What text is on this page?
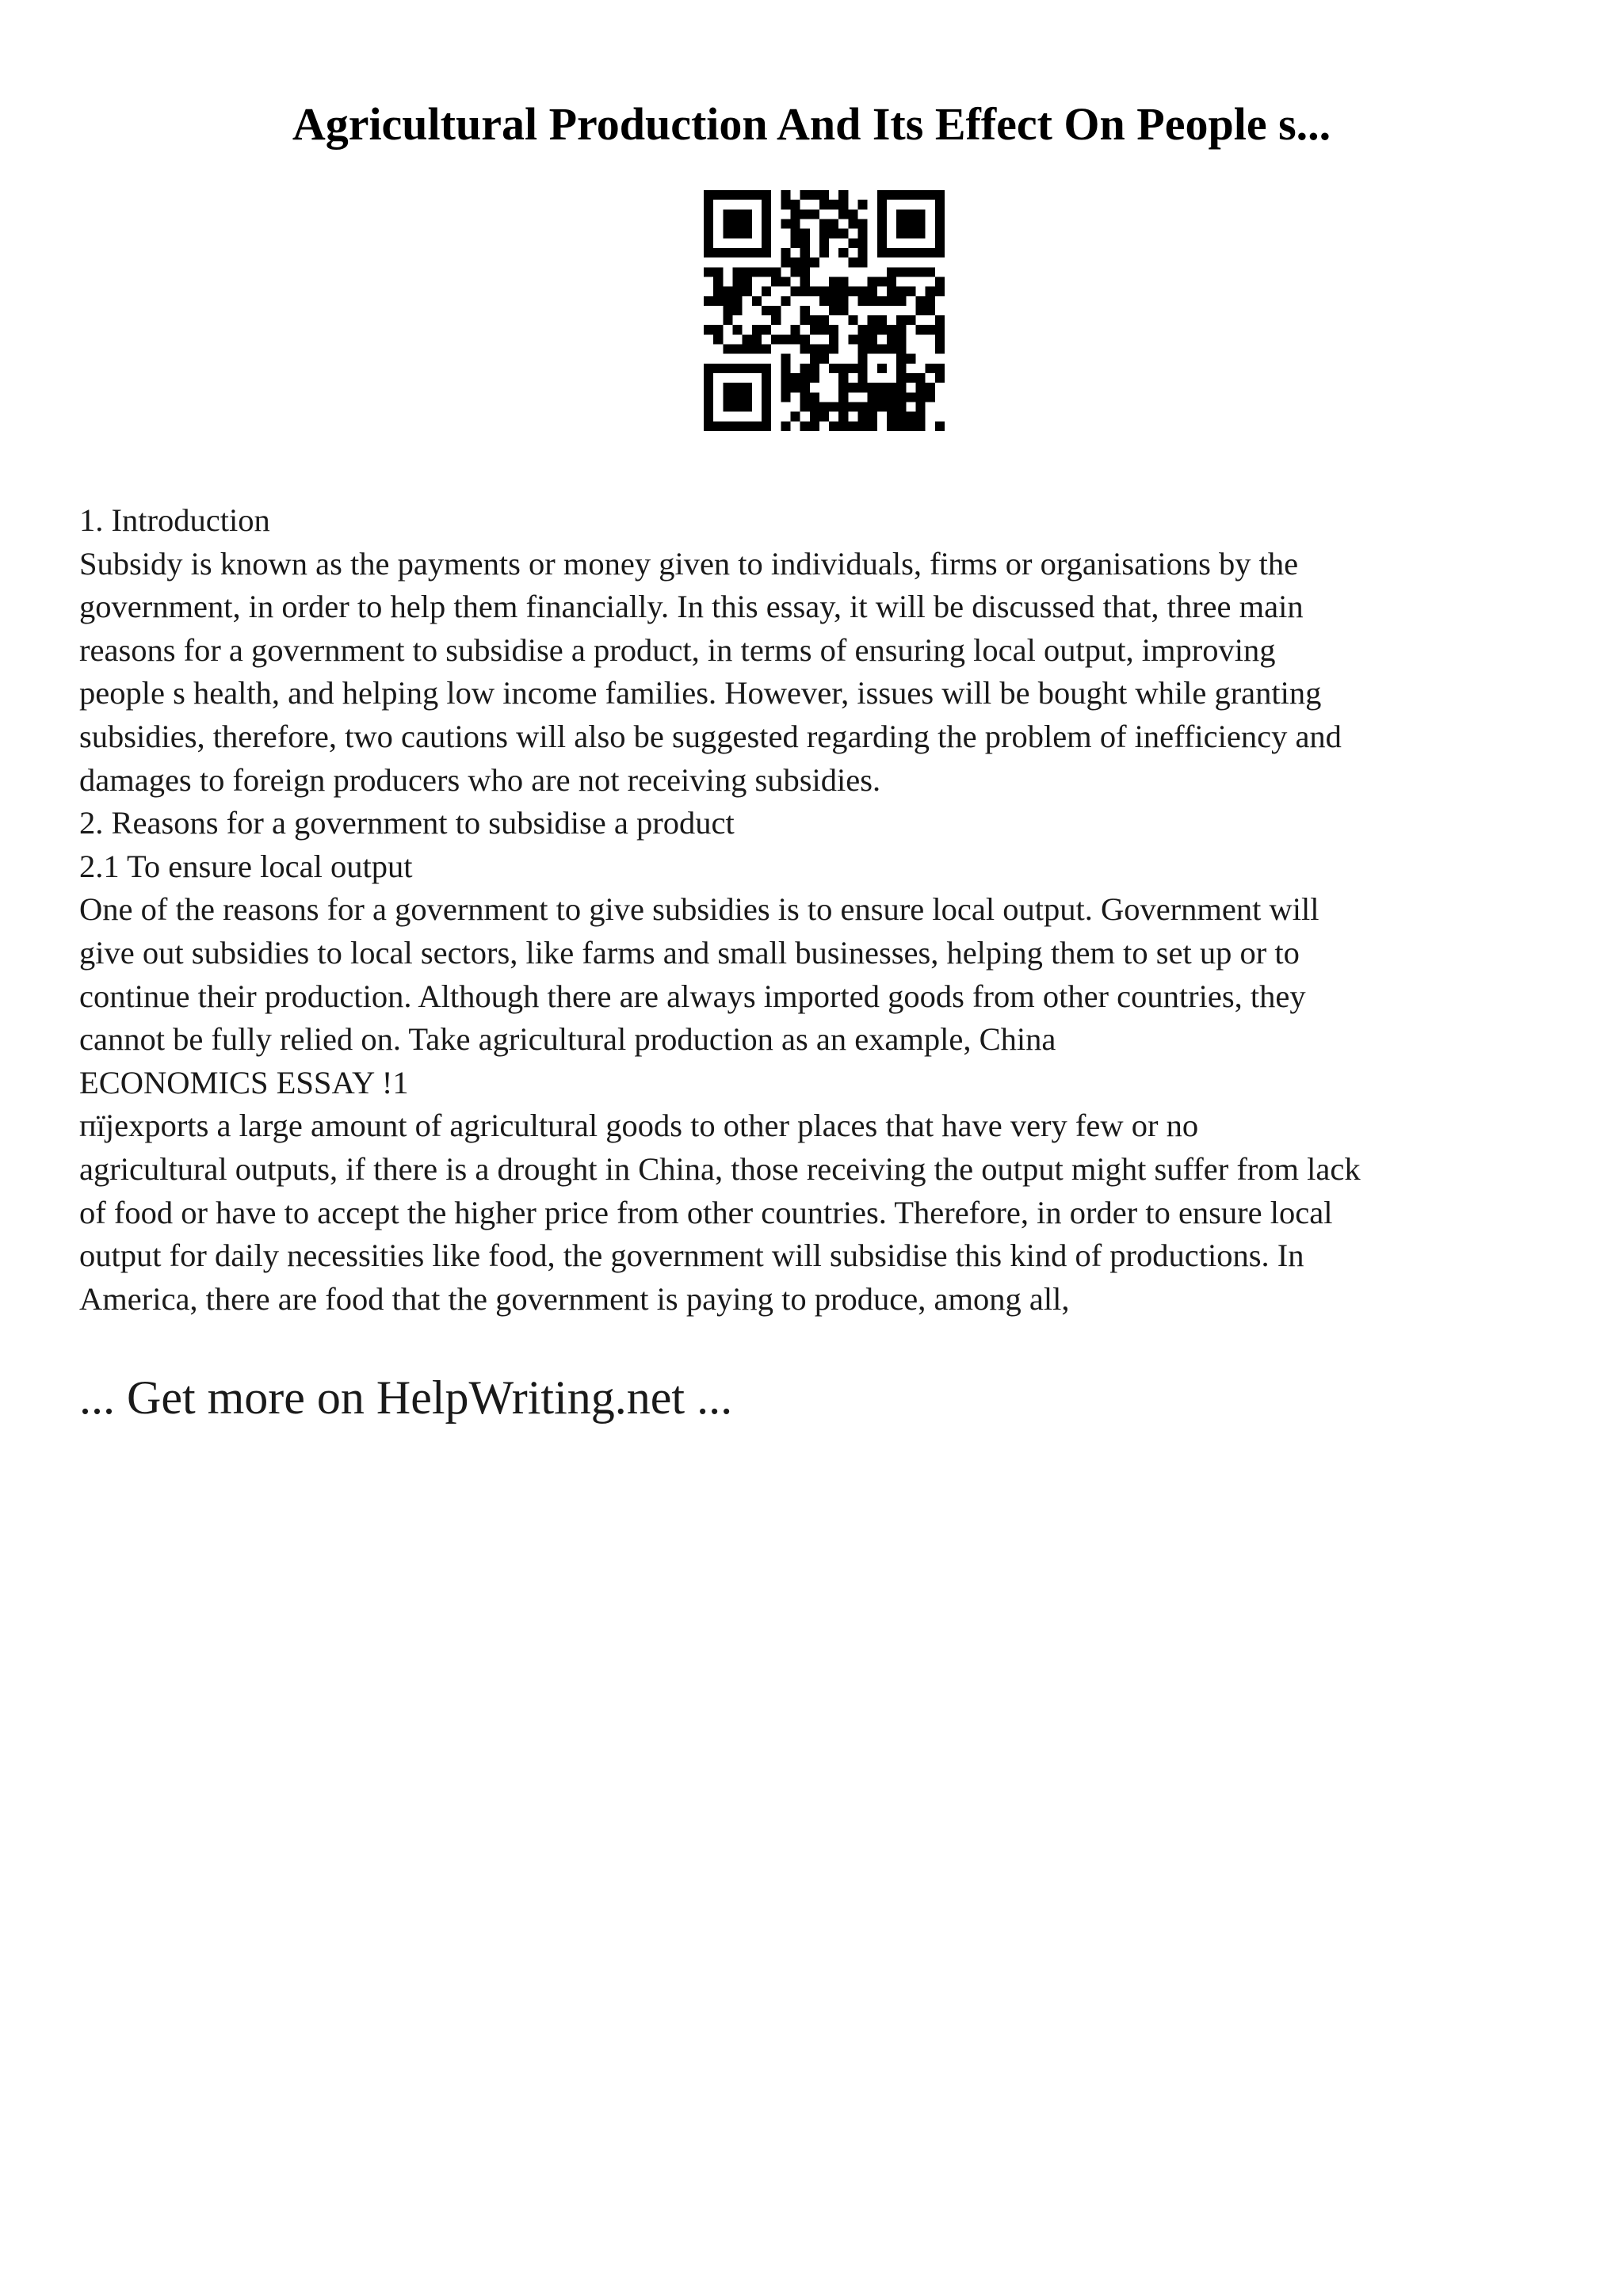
Agricultural Production And Its Effect On People s...
1. Introduction
Subsidy is known as the payments or money given to individuals, firms or organisations by the
government, in order to help them financially. In this essay, it will be discussed that, three main
reasons for a government to subsidise a product, in terms of ensuring local output, improving
people s health, and helping low income families. However, issues will be bought while granting
subsidies, therefore, two cautions will also be suggested regarding the problem of inefficiency and
damages to foreign producers who are not receiving subsidies.
2. Reasons for a government to subsidise a product
2.1 To ensure local output
One of the reasons for a government to give subsidies is to ensure local output. Government will
give out subsidies to local sectors, like farms and small businesses, helping them to set up or to
continue their production. Although there are always imported goods from other countries, they
cannot be fully relied on. Take agricultural production as an example, China
ECONOMICS ESSAY !1
пїјexports a large amount of agricultural goods to other places that have very few or no
agricultural outputs, if there is a drought in China, those receiving the output might suffer from lack
of food or have to accept the higher price from other countries. Therefore, in order to ensure local
output for daily necessities like food, the government will subsidise this kind of productions. In
America, there are food that the government is paying to produce, among all,
... Get more on HelpWriting.net ...
